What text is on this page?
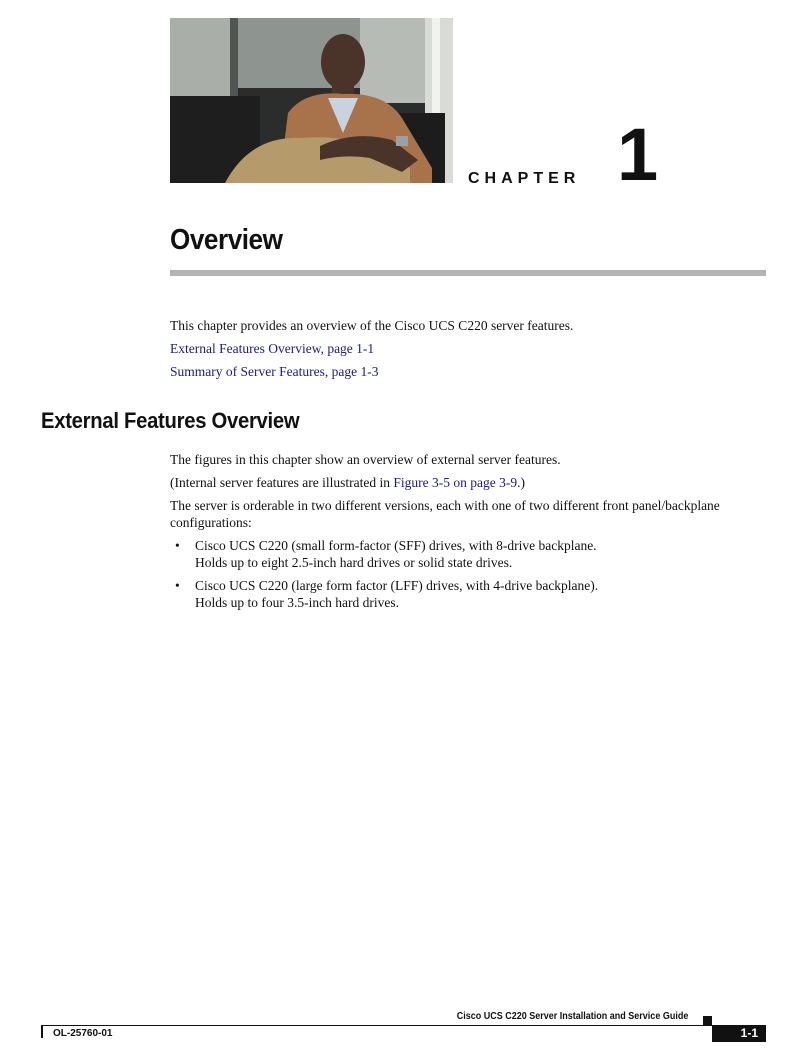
CHAPTER 1
Overview

This chapter provides an overview of the Cisco UCS C220 server features.

External Features Overview, page 1-1
Summary of Server Features, page 1-3
External Features Overview

The figures in this chapter show an overview of external server features.

(Internal server features are illustrated in Figure 3-5 on page 3-9.)

The server is orderable in two different versions, each with one of two different front panel/backplane configurations:

• Cisco UCS C220 (small form-factor (SFF) drives, with 8-drive backplane.
Holds up to eight 2.5-inch hard drives or solid state drives.
• Cisco UCS C220 (large form factor (LFF) drives, with 4-drive backplane).
Holds up to four 3.5-inch hard drives.
Cisco UCS C220 Server Installation and Service Guide
OL-25760-01	1-1
